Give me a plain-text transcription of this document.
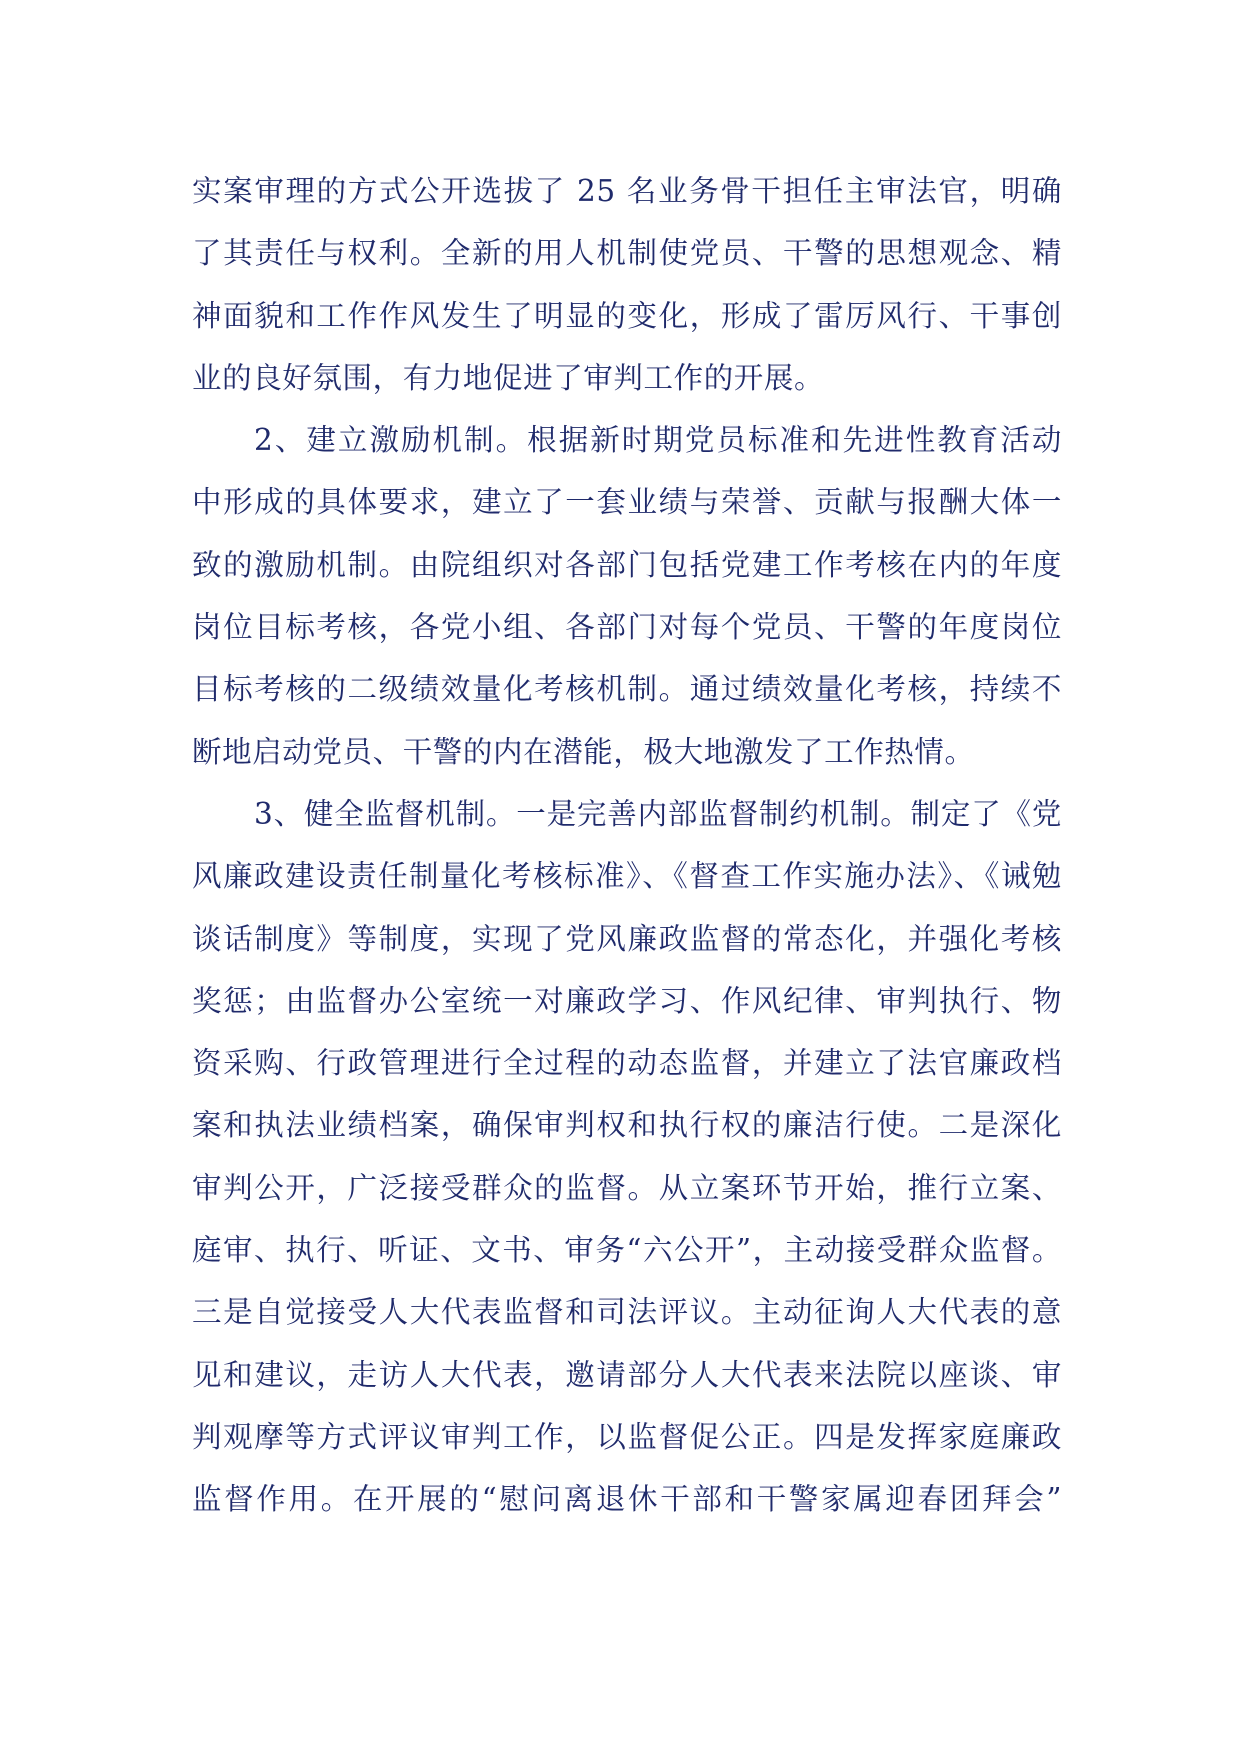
实案审理的方式公开选拔了 25 名业务骨干担任主审法官，明确
了其责任与权利。全新的用人机制使党员、干警的思想观念、精
神面貌和工作作风发生了明显的变化，形成了雷厉风行、干事创
业的良好氛围，有力地促进了审判工作的开展。
2、建立激励机制。根据新时期党员标准和先进性教育活动
中形成的具体要求，建立了一套业绩与荣誉、贡献与报酬大体一
致的激励机制。由院组织对各部门包括党建工作考核在内的年度
岗位目标考核，各党小组、各部门对每个党员、干警的年度岗位
目标考核的二级绩效量化考核机制。通过绩效量化考核，持续不
断地启动党员、干警的内在潜能，极大地激发了工作热情。
3、健全监督机制。一是完善内部监督制约机制。制定了《党
风廉政建设责任制量化考核标准》、《督查工作实施办法》、《诫勉
谈话制度》等制度，实现了党风廉政监督的常态化，并强化考核
奖惩；由监督办公室统一对廉政学习、作风纪律、审判执行、物
资采购、行政管理进行全过程的动态监督，并建立了法官廉政档
案和执法业绩档案，确保审判权和执行权的廉洁行使。二是深化
审判公开，广泛接受群众的监督。从立案环节开始，推行立案、
庭审、执行、听证、文书、审务“六公开”，主动接受群众监督。
三是自觉接受人大代表监督和司法评议。主动征询人大代表的意
见和建议，走访人大代表，邀请部分人大代表来法院以座谈、审
判观摩等方式评议审判工作，以监督促公正。四是发挥家庭廉政
监督作用。在开展的“慰问离退休干部和干警家属迎春团拜会”
